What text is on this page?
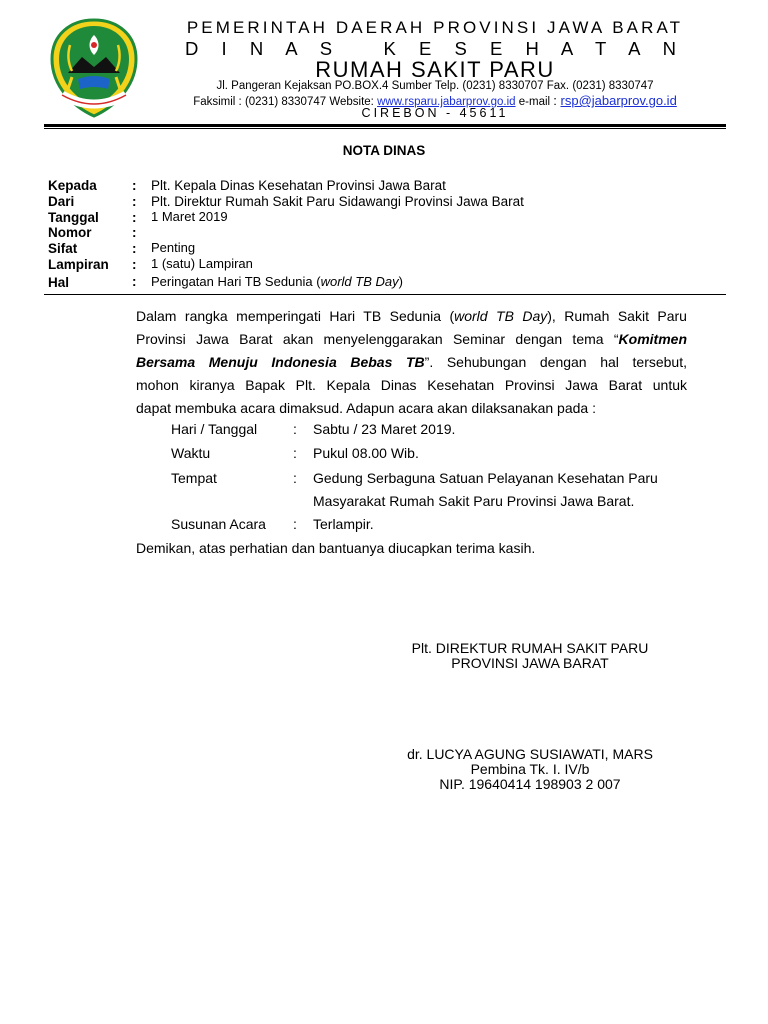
PEMERINTAH DAERAH PROVINSI JAWA BARAT
D I N A S   K E S E H A T A N
RUMAH SAKIT PARU
Jl. Pangeran Kejaksan PO.BOX.4 Sumber Telp. (0231) 8330707 Fax. (0231) 8330747
Faksimil : (0231) 8330747 Website: www.rsparu.jabarprov.go.id e-mail : rsp@jabarprov.go.id
CIREBON - 45611
NOTA DINAS
Kepada	: Plt. Kepala Dinas Kesehatan Provinsi Jawa Barat
Dari	: Plt. Direktur Rumah Sakit Paru Sidawangi Provinsi Jawa Barat
Tanggal : 1 Maret 2019
Nomor	:
Sifat	: Penting
Lampiran : 1 (satu) Lampiran
Hal	: Peringatan Hari TB Sedunia (world TB Day)
Dalam rangka memperingati Hari TB Sedunia (world TB Day), Rumah Sakit Paru
Provinsi Jawa Barat akan menyelenggarakan Seminar dengan tema “Komitmen
Bersama Menuju Indonesia Bebas TB”. Sehubungan dengan hal tersebut,
mohon kiranya Bapak Plt. Kepala Dinas Kesehatan Provinsi Jawa Barat untuk
dapat membuka acara dimaksud. Adapun acara akan dilaksanakan pada :
Hari / Tanggal	: Sabtu / 23 Maret 2019.
Waktu	: Pukul 08.00 Wib.
Tempat	: Gedung Serbaguna Satuan Pelayanan Kesehatan Paru
Masyarakat Rumah Sakit Paru Provinsi Jawa Barat.
Susunan Acara : Terlampir.
Demikan, atas perhatian dan bantuanya diucapkan terima kasih.
Plt. DIREKTUR RUMAH SAKIT PARU
PROVINSI JAWA BARAT
dr. LUCYA AGUNG SUSIAWATI, MARS
Pembina Tk. I. IV/b
NIP. 19640414 198903 2 007
